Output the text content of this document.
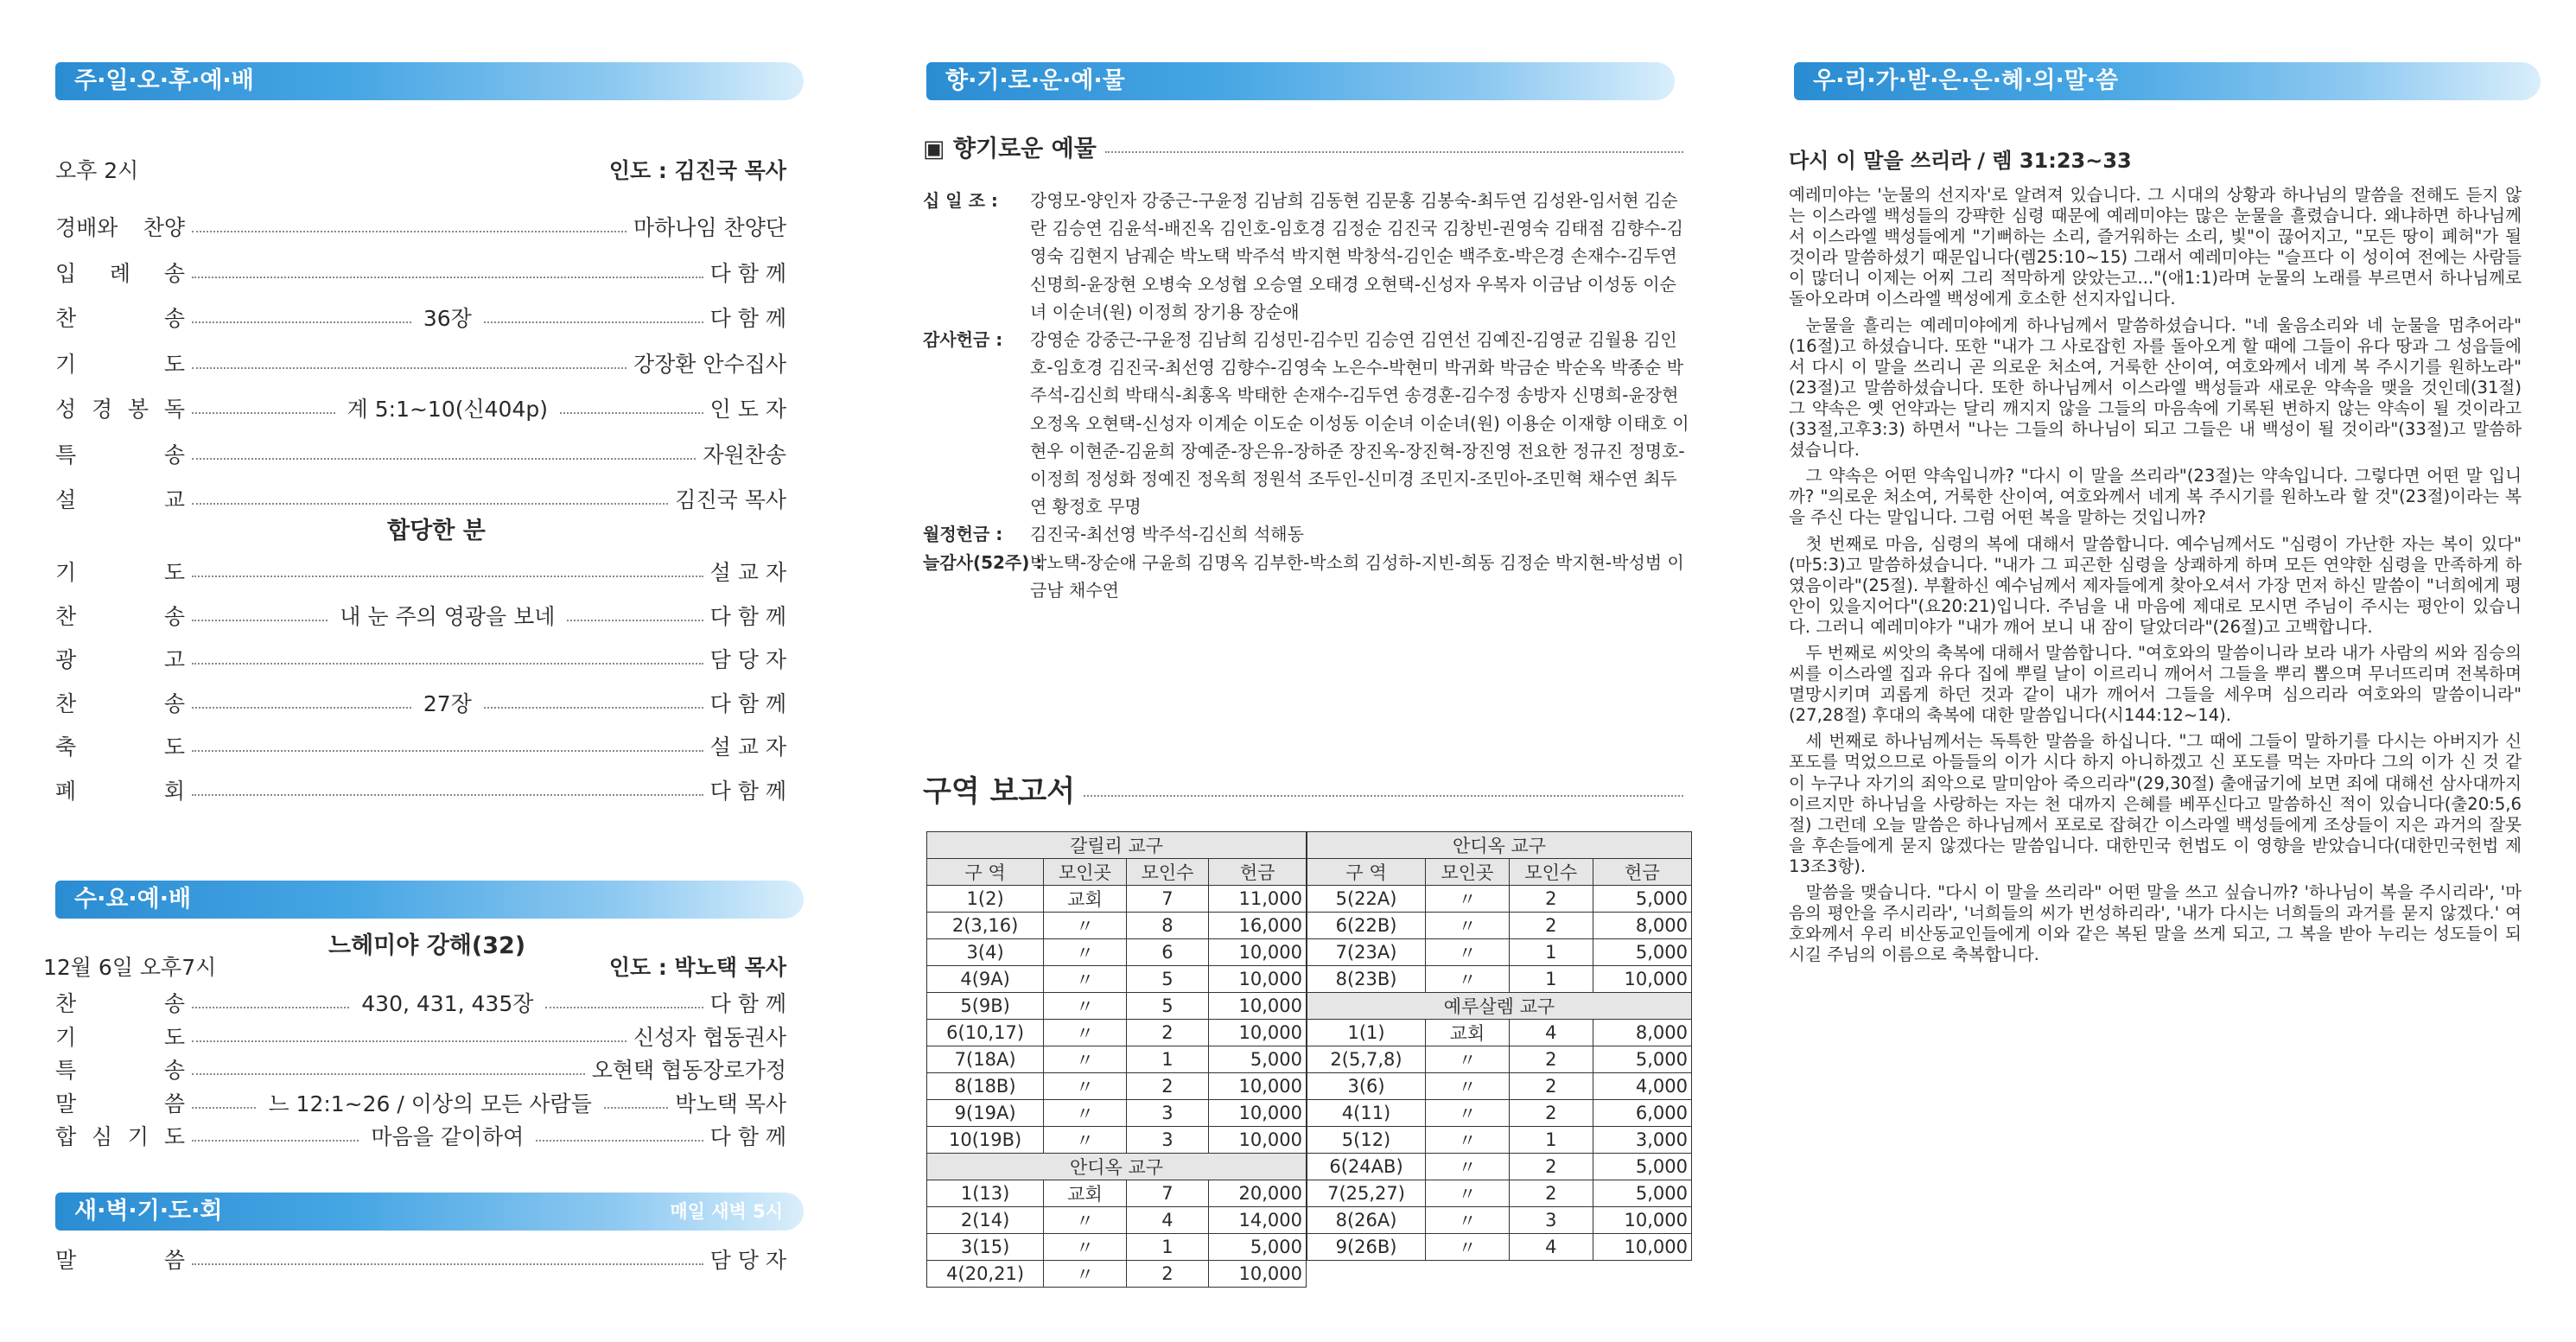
주·일·오·후·예·배
오후 2시	인도 : 김진국 목사
경배와 찬양	마하나임 찬양단
입 례 송	다 함 께
찬	송	36장	다 함 께
기	도	강장환 안수집사
성 경 봉 독	계 5:1~10(신404p)	인 도 자
특	송	자원찬송
설	교	김진국 목사
합당한 분
기	도	설 교 자
찬	송	내 눈 주의 영광을 보네	다 함 께
광	고	담 당 자
찬	송	27장	다 함 께
축	도	설 교 자
폐	회	다 함 께
수·요·예·배
느헤미야 강해(32)
12월 6일 오후7시	인도 : 박노택 목사
찬	송	430, 431, 435장	다 함 께
기	도	신성자 협동권사
특	송	오현택 협동장로가정
말	씀	느 12:1~26 / 이상의 모든 사람들	박노택 목사
합 심 기 도	마음을 같이하여	다 함 께
새·벽·기·도·회	매일 새벽 5시
말	씀	담 당 자
향·기·로·운·예·물
▣ 향기로운 예물
십 일 조 :	강영모-양인자 강중근-구윤정 김남희 김동현 김문홍 김봉숙-최두연 김성완-임서현 김순란 김승연 김윤석-배진옥 김인호-임호경 김정순 김진국 김창빈-권영숙 김태점 김향수-김영숙 김현지 남궤순 박노택 박주석 박지현 박창석-김인순 백주호-박은경 손재수-김두연 신명희-윤장현 오병숙 오성협 오승열 오태경 오현택-신성자 우복자 이금남 이성동 이순녀 이순녀(원) 이정희 장기용 장순애
감사헌금 :	강영순 강중근-구윤정 김남희 김성민-김수민 김승연 김연선 김예진-김영균 김월용 김인호-임호경 김진국-최선영 김향수-김영숙 노은수-박현미 박귀화 박금순 박순옥 박종순 박주석-김신희 박태식-최홍옥 박태한 손재수-김두연 송경훈-김수정 송방자 신명희-윤장현 오정옥 오현택-신성자 이계순 이도순 이성동 이순녀 이순녀(원) 이용순 이재향 이태호 이현우 이현준-김윤희 장예준-장은유-장하준 장진옥-장진혁-장진영 전요한 정규진 정명호-이정희 정성화 정예진 정옥희 정원석 조두인-신미경 조민지-조민아-조민혁 채수연 최두연 황정호 무명
월정헌금 :	김진국-최선영 박주석-김신희 석해동
늘감사(52주) :
박노택-장순애 구윤희 김명옥 김부한-박소희 김성하-지빈-희동 김정순 박지현-박성범 이금남 채수연
구역 보고서
갈릴리 교구			
구 역	모인곳	모인수	헌금
1(2)	교회	7	11,000
2(3,16)	〃	8	16,000
3(4)	〃	6	10,000
4(9A)	〃	5	10,000
5(9B)	〃	5	10,000
6(10,17)	〃	2	10,000
7(18A)	〃	1	5,000
8(18B)	〃	2	10,000
9(19A)	〃	3	10,000
10(19B)	〃	3	10,000
안디옥 교구			
1(13)	교회	7	20,000
2(14)	〃	4	14,000
3(15)	〃	1	5,000
4(20,21)	〃	2	10,000
안디옥 교구			
구 역	모인곳	모인수	헌금
5(22A)	〃	2	5,000
6(22B)	〃	2	8,000
7(23A)	〃	1	5,000
8(23B)	〃	1	10,000
예루살렘 교구			
1(1)	교회	4	8,000
2(5,7,8)	〃	2	5,000
3(6)	〃	2	4,000
4(11)	〃	2	6,000
5(12)	〃	1	3,000
6(24AB)	〃	2	5,000
7(25,27)	〃	2	5,000
8(26A)	〃	3	10,000
9(26B)	〃	4	10,000
우·리·가·받·은·은·혜·의·말·씀
다시 이 말을 쓰리라 / 렘 31:23~33

예레미야는 '눈물의 선지자'로 알려져 있습니다. 그 시대의 상황과 하나님의 말씀을 전해도 듣지 않는 이스라엘 백성들의 강퍅한 심령 때문에 예레미야는 많은 눈물을 흘렸습니다. 왜냐하면 하나님께서 이스라엘 백성들에게 "기뻐하는 소리, 즐거워하는 소리, 빛"이 끊어지고, "모든 땅이 폐허"가 될 것이라 말씀하셨기 때문입니다(렘25:10~15) 그래서 예레미야는 "슬프다 이 성이여 전에는 사람들이 많더니 이제는 어찌 그리 적막하게 앉았는고..."(애1:1)라며 눈물의 노래를 부르면서 하나님께로 돌아오라며 이스라엘 백성에게 호소한 선지자입니다.

눈물을 흘리는 예레미야에게 하나님께서 말씀하셨습니다. "네 울음소리와 네 눈물을 멈추어라"(16절)고 하셨습니다. 또한 "내가 그 사로잡힌 자를 돌아오게 할 때에 그들이 유다 땅과 그 성읍들에서 다시 이 말을 쓰리니 곧 의로운 처소여, 거룩한 산이여, 여호와께서 네게 복 주시기를 원하노라"(23절)고 말씀하셨습니다. 또한 하나님께서 이스라엘 백성들과 새로운 약속을 맺을 것인데(31절) 그 약속은 옛 언약과는 달리 깨지지 않을 그들의 마음속에 기록된 변하지 않는 약속이 될 것이라고(33절,고후3:3) 하면서 "나는 그들의 하나님이 되고 그들은 내 백성이 될 것이라"(33절)고 말씀하셨습니다.

그 약속은 어떤 약속입니까? "다시 이 말을 쓰리라"(23절)는 약속입니다. 그렇다면 어떤 말 입니까? "의로운 처소여, 거룩한 산이여, 여호와께서 네게 복 주시기를 원하노라 할 것"(23절)이라는 복을 주신 다는 말입니다. 그럼 어떤 복을 말하는 것입니까?

첫 번째로 마음, 심령의 복에 대해서 말씀합니다. 예수님께서도 "심령이 가난한 자는 복이 있다"(마5:3)고 말씀하셨습니다. "내가 그 피곤한 심령을 상쾌하게 하며 모든 연약한 심령을 만족하게 하였음이라"(25절). 부활하신 예수님께서 제자들에게 찾아오셔서 가장 먼저 하신 말씀이 "너희에게 평안이 있을지어다"(요20:21)입니다. 주님을 내 마음에 제대로 모시면 주님이 주시는 평안이 있습니다. 그러니 예레미야가 "내가 깨어 보니 내 잠이 달았더라"(26절)고 고백합니다.

두 번째로 씨앗의 축복에 대해서 말씀합니다. "여호와의 말씀이니라 보라 내가 사람의 씨와 짐승의 씨를 이스라엘 집과 유다 집에 뿌릴 날이 이르리니 깨어서 그들을 뿌리 뽑으며 무너뜨리며 전복하며 멸망시키며 괴롭게 하던 것과 같이 내가 깨어서 그들을 세우며 심으리라 여호와의 말씀이니라"(27,28절) 후대의 축복에 대한 말씀입니다(시144:12~14).

세 번째로 하나님께서는 독특한 말씀을 하십니다. "그 때에 그들이 말하기를 다시는 아버지가 신 포도를 먹었으므로 아들들의 이가 시다 하지 아니하겠고 신 포도를 먹는 자마다 그의 이가 신 것 같이 누구나 자기의 죄악으로 말미암아 죽으리라"(29,30절) 출애굽기에 보면 죄에 대해선 삼사대까지 이르지만 하나님을 사랑하는 자는 천 대까지 은혜를 베푸신다고 말씀하신 적이 있습니다(출20:5,6절) 그런데 오늘 말씀은 하나님께서 포로로 잡혀간 이스라엘 백성들에게 조상들이 지은 과거의 잘못을 후손들에게 묻지 않겠다는 말씀입니다. 대한민국 헌법도 이 영향을 받았습니다(대한민국헌법 제13조3항).

말씀을 맺습니다. "다시 이 말을 쓰리라" 어떤 말을 쓰고 싶습니까? '하나님이 복을 주시리라', '마음의 평안을 주시리라', '너희들의 씨가 번성하리라', '내가 다시는 너희들의 과거를 묻지 않겠다.' 여호와께서 우리 비산동교인들에게 이와 같은 복된 말을 쓰게 되고, 그 복을 받아 누리는 성도들이 되시길 주님의 이름으로 축복합니다.
